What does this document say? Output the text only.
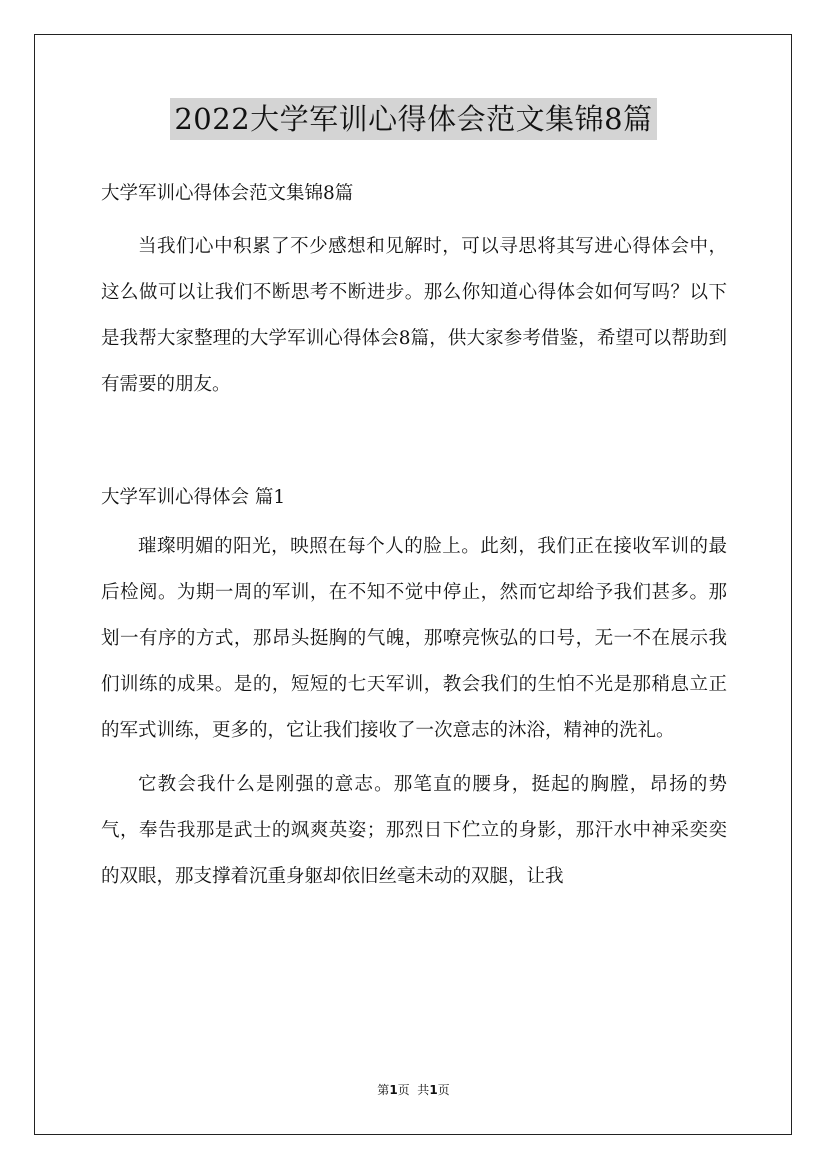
2022大学军训心得体会范文集锦8篇
大学军训心得体会范文集锦8篇

当我们心中积累了不少感想和见解时，可以寻思将其写进心得体会中，这么做可以让我们不断思考不断进步。那么你知道心得体会如何写吗？以下是我帮大家整理的大学军训心得体会8篇，供大家参考借鉴，希望可以帮助到有需要的朋友。

大学军训心得体会 篇1

璀璨明媚的阳光，映照在每个人的脸上。此刻，我们正在接收军训的最后检阅。为期一周的军训，在不知不觉中停止，然而它却给予我们甚多。那划一有序的方式，那昂头挺胸的气魄，那嘹亮恢弘的口号，无一不在展示我们训练的成果。是的，短短的七天军训，教会我们的生怕不光是那稍息立正的军式训练，更多的，它让我们接收了一次意志的沐浴，精神的洗礼。

它教会我什么是刚强的意志。那笔直的腰身，挺起的胸膛，昂扬的势气，奉告我那是武士的飒爽英姿；那烈日下伫立的身影，那汗水中神采奕奕的双眼，那支撑着沉重身躯却依旧丝毫未动的双腿，让我

第1页  共1页
